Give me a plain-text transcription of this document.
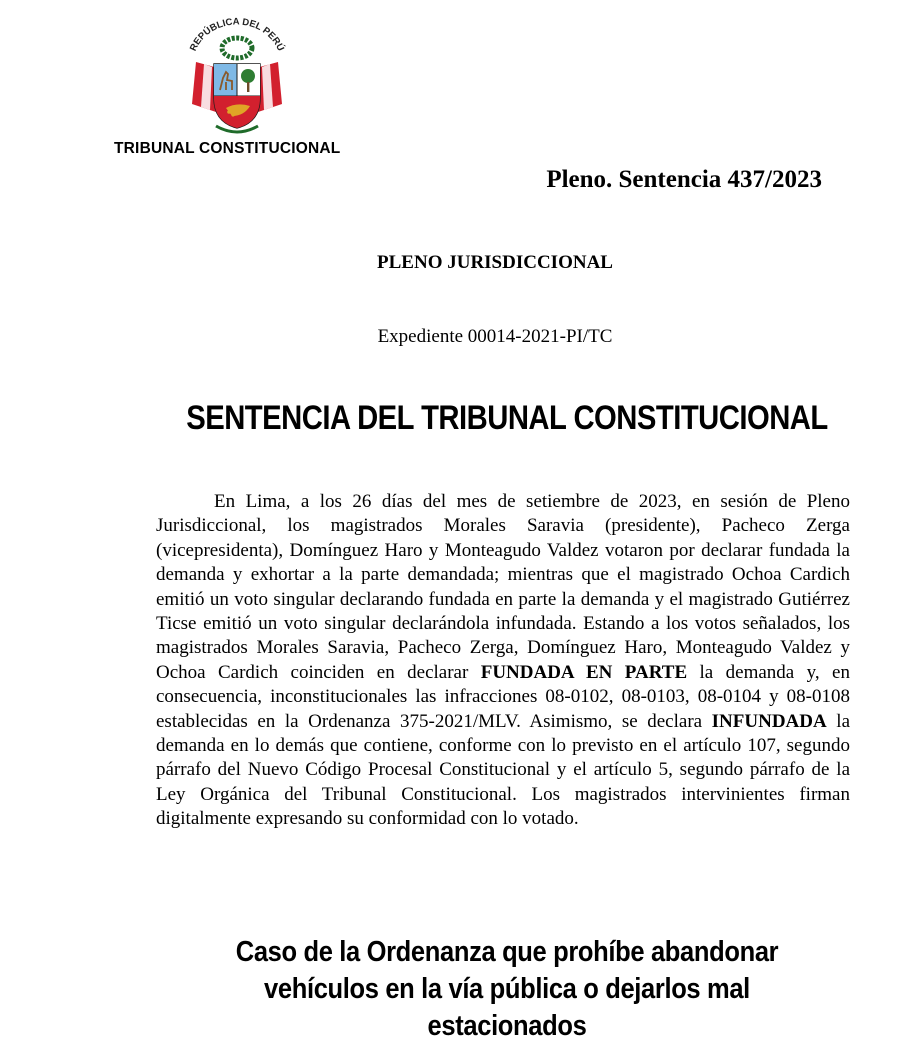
REPÚBLICA DEL PERÚ
TRIBUNAL CONSTITUCIONAL
Pleno. Sentencia 437/2023
PLENO JURISDICCIONAL
Expediente 00014-2021-PI/TC
SENTENCIA DEL TRIBUNAL CONSTITUCIONAL

En Lima, a los 26 días del mes de setiembre de 2023, en sesión de Pleno Jurisdiccional, los magistrados Morales Saravia (presidente), Pacheco Zerga (vicepresidenta), Domínguez Haro y Monteagudo Valdez votaron por declarar fundada la demanda y exhortar a la parte demandada; mientras que el magistrado Ochoa Cardich emitió un voto singular declarando fundada en parte la demanda y el magistrado Gutiérrez Ticse emitió un voto singular declarándola infundada. Estando a los votos señalados, los magistrados Morales Saravia, Pacheco Zerga, Domínguez Haro, Monteagudo Valdez y Ochoa Cardich coinciden en declarar FUNDADA EN PARTE la demanda y, en consecuencia, inconstitucionales las infracciones 08-0102, 08-0103, 08-0104 y 08-0108 establecidas en la Ordenanza 375-2021/MLV. Asimismo, se declara INFUNDADA la demanda en lo demás que contiene, conforme con lo previsto en el artículo 107, segundo párrafo del Nuevo Código Procesal Constitucional y el artículo 5, segundo párrafo de la Ley Orgánica del Tribunal Constitucional. Los magistrados intervinientes firman digitalmente expresando su conformidad con lo votado.

Caso de la Ordenanza que prohíbe abandonar
vehículos en la vía pública o dejarlos mal
estacionados
